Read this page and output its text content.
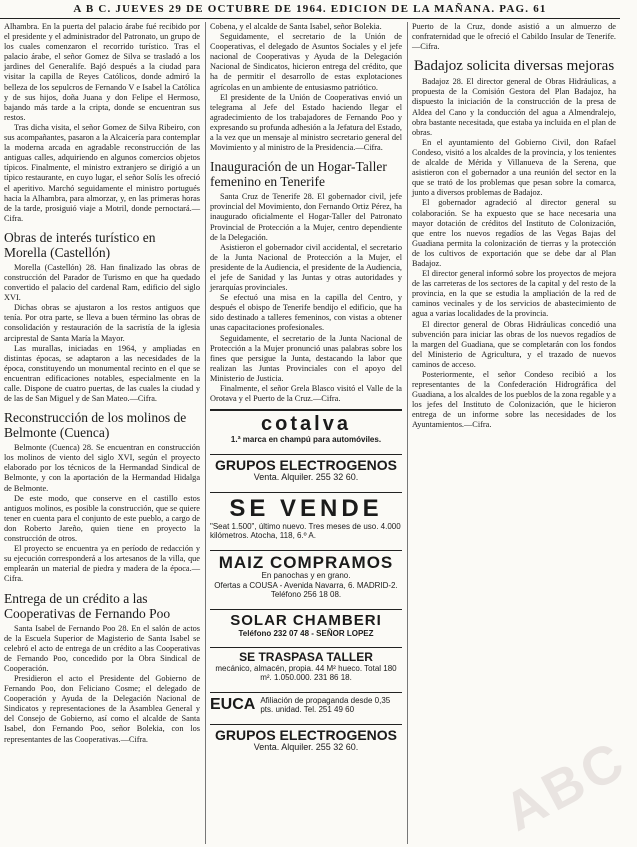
A B C. JUEVES 29 DE OCTUBRE DE 1964. EDICION DE LA MAÑANA. PAG. 61

Alhambra. En la puerta del palacio árabe fué recibido por el presidente y el administrador del Patronato, un grupo de los cuales comenzaron el recorrido turístico. Tras el palacio árabe, el señor Gomez de Silva se trasladó a los jardines del Generalife. Bajó después a la ciudad para visitar la capilla de Reyes Católicos, donde admiró la belleza de los sepulcros de Fernando V e Isabel la Católica y de sus hijos, doña Juana y don Felipe el Hermoso, bajando más tarde a la cripta, donde se encuentran sus restos.

Tras dicha visita, el señor Gomez de Silva Ribeiro, con sus acompañantes, pasaron a la Alcaicería para contemplar la moderna arcada en agradable reconstrucción de las antiguas calles, adquiriendo en algunos comercios objetos típicos. Finalmente, el ministro extranjero se dirigió a un típico restaurante, en cuyo lugar, el señor Solís les ofreció el aperitivo. Marchó seguidamente el ministro portugués hacia la Alhambra, para almorzar, y, en las primeras horas de la tarde, prosiguió viaje a Motril, donde pernoctará.—Cifra.

Obras de interés turístico en Morella (Castellón)

Morella (Castellón) 28. Han finalizado las obras de construcción del Parador de Turismo en que ha quedado convertido el palacio del cardenal Ram, edificio del siglo XVI.

Dichas obras se ajustaron a los restos antiguos que tenía. Por otra parte, se lleva a buen término las obras de consolidación y restauración de la sacristía de la iglesia arciprestal de Santa María la Mayor.

Las murallas, iniciadas en 1964, y ampliadas en distintas épocas, se adaptaron a las necesidades de la época, constituyendo un monumental recinto en el que se encuentran edificaciones notables, especialmente en la calle. Dispone de cuatro puertas, de las cuales la ciudad y de las de San Miguel y de San Mateo.—Cifra.

Reconstrucción de los molinos de Belmonte (Cuenca)

Belmonte (Cuenca) 28. Se encuentran en construcción los molinos de viento del siglo XVI, según el proyecto elaborado por los técnicos de la Hermandad Sindical de Belmonte, y con la aportación de la Hermandad Hidalga de Belmonte.

De este modo, que conserve en el castillo estos antiguos molinos, es posible la construcción, que se quiere tener en cuenta para el conjunto de este pueblo, a cargo de don Roberto Jareño, quien tiene en proyecto la construcción de otros.

El proyecto se encuentra ya en período de redacción y su ejecución corresponderá a los artesanos de la villa, que emplearán un material de piedra y madera de la época.—Cifra.

Entrega de un crédito a las Cooperativas de Fernando Poo

Santa Isabel de Fernando Poo 28. En el salón de actos de la Escuela Superior de Magisterio de Santa Isabel se celebró el acto de entrega de un crédito a las Cooperativas de Fernando Poo, concedido por la Obra Sindical de Cooperación.

Presidieron el acto el Presidente del Gobierno de Fernando Poo, don Feliciano Cosme; el delegado de Cooperación y Ayuda de la Delegación Nacional de Sindicatos y representaciones de la Asamblea General y del Consejo de Gobierno, así como el alcalde de Santa Isabel, don Fernando Poo, señor Bolekia, con los representantes de las Cooperativas.—Cifra.

Cobena, y el alcalde de Santa Isabel, señor Bolekia.

Seguidamente, el secretario de la Unión de Cooperativas, el delegado de Asuntos Sociales y el jefe nacional de Cooperativas y Ayuda de la Delegación Nacional de Sindicatos, hicieron entrega del crédito, que ha de permitir el desarrollo de estas explotaciones agrícolas en un ambiente de entusiasmo patriótico.

El presidente de la Unión de Cooperativas envió un telegrama al Jefe del Estado haciendo llegar el agradecimiento de los trabajadores de Fernando Poo y expresando su profunda adhesión a la Jefatura del Estado, a la vez que un mensaje al ministro secretario general del Movimiento y al ministro de la Presidencia.—Cifra.

Inauguración de un Hogar-Taller femenino en Tenerife

Santa Cruz de Tenerife 28. El gobernador civil, jefe provincial del Movimiento, don Fernando Ortiz Pérez, ha inaugurado oficialmente el Hogar-Taller del Patronato Provincial de Protección a la Mujer, centro dependiente de la Delegación.

Asistieron el gobernador civil accidental, el secretario de la Junta Nacional de Protección a la Mujer, el presidente de la Audiencia, el presidente de la Audiencia, el jefe de Sanidad y las Juntas y otras autoridades y jerarquías provinciales.

Se efectuó una misa en la capilla del Centro, y después el obispo de Tenerife bendijo el edificio, que ha sido destinado a talleres femeninos, con vistas a obtener unas capacitaciones profesionales.

Seguidamente, el secretario de la Junta Nacional de Protección a la Mujer pronunció unas palabras sobre los fines que persigue la Junta, destacando la labor que realizan las Juntas Provinciales con el apoyo del Ministerio de Justicia.

Finalmente, el señor Grela Blasco visitó el Valle de la Orotava y el Puerto de la Cruz.—Cifra.

cotalva
1.ª marca en champú para automóviles.
GRUPOS ELECTROGENOS
Venta. Alquiler. 255 32 60.
SE VENDE
"Seat 1.500", último nuevo. Tres meses de uso. 4.000 kilómetros. Atocha, 118, 6.º A.
MAIZ COMPRAMOS
En panochas y en grano.
Ofertas a COUSA - Avenida Navarra, 6. MADRID-2. Teléfono 256 18 08.
SOLAR CHAMBERI
Teléfono 232 07 48 - SEÑOR LOPEZ
SE TRASPASA TALLER
mecánico, almacén, propia. 44 M² hueco. Total 180 m². 1.050.000. 231 86 18.
EUCA Afiliación de propaganda desde 0,35 pts. unidad. Tel. 251 49 60
GRUPOS ELECTROGENOS
Venta. Alquiler. 255 32 60.

Puerto de la Cruz, donde asistió a un almuerzo de confraternidad que le ofreció el Cabildo Insular de Tenerife.—Cifra.

Badajoz solicita diversas mejoras

Badajoz 28. El director general de Obras Hidráulicas, a propuesta de la Comisión Gestora del Plan Badajoz, ha dispuesto la iniciación de la construcción de la presa de Aldea del Cano y la conducción del agua a Almendralejo, obra bastante necesitada, que estaba ya incluida en el plan de obras.

En el ayuntamiento del Gobierno Civil, don Rafael Condeso, visitó a los alcaldes de la provincia, y los tenientes de alcalde de Mérida y Villanueva de la Serena, que asistieron con el gobernador a una reunión del sector en la que se trató de los problemas que pesan sobre la comarca, junto a diversos problemas de Badajoz.

El gobernador agradeció al director general su colaboración. Se ha expuesto que se hace necesaria una mayor dotación de créditos del Instituto de Colonización, que entre los nuevos regadíos de las Vegas Bajas del Guadiana permita la colonización de tierras y la protección de los cultivos de exportación que se debe dar al Plan Badajoz.

El director general informó sobre los proyectos de mejora de las carreteras de los sectores de la capital y del resto de la provincia, en la que se estudia la ampliación de la red de caminos vecinales y de los servicios de abastecimiento de agua a varias localidades de la provincia.

El director general de Obras Hidráulicas concedió una subvención para iniciar las obras de los nuevos regadíos de la margen del Guadiana, que se completarán con los fondos del Ministerio de Agricultura, y el trazado de nuevos caminos de acceso.

Posteriormente, el señor Condeso recibió a los representantes de la Confederación Hidrográfica del Guadiana, a los alcaldes de los pueblos de la zona regable y a los jefes del Instituto de Colonización, que le hicieron entrega de un informe sobre las necesidades de los Ayuntamientos.—Cifra.

ABC
